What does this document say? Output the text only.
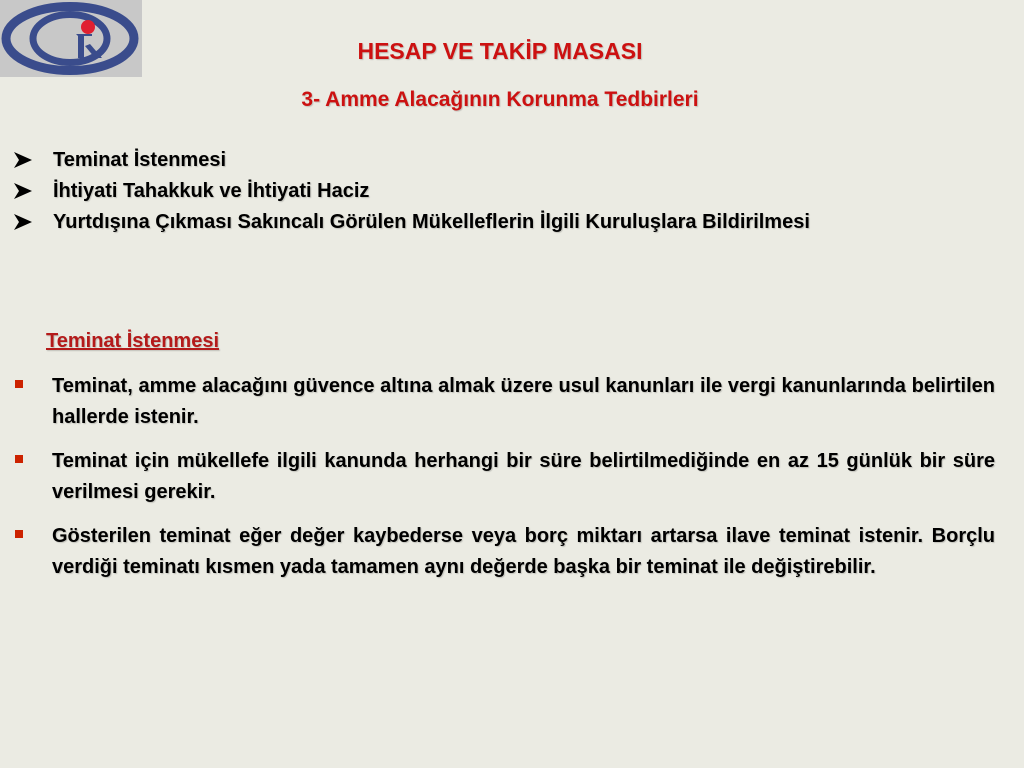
HESAP VE TAKİP MASASI
3- Amme Alacağının Korunma Tedbirleri
Teminat İstenmesi
İhtiyati Tahakkuk ve İhtiyati Haciz
Yurtdışına Çıkması Sakıncalı Görülen Mükelleflerin İlgili Kuruluşlara Bildirilmesi
Teminat İstenmesi
Teminat, amme alacağını güvence altına almak üzere usul kanunları ile vergi kanunlarında belirtilen hallerde istenir.
Teminat için mükellefe ilgili kanunda herhangi bir süre belirtilmediğinde en az 15 günlük bir süre verilmesi gerekir.
Gösterilen teminat eğer değer kaybederse veya borç miktarı artarsa ilave teminat istenir. Borçlu verdiği teminatı kısmen yada tamamen aynı değerde başka bir teminat ile değiştirebilir.
